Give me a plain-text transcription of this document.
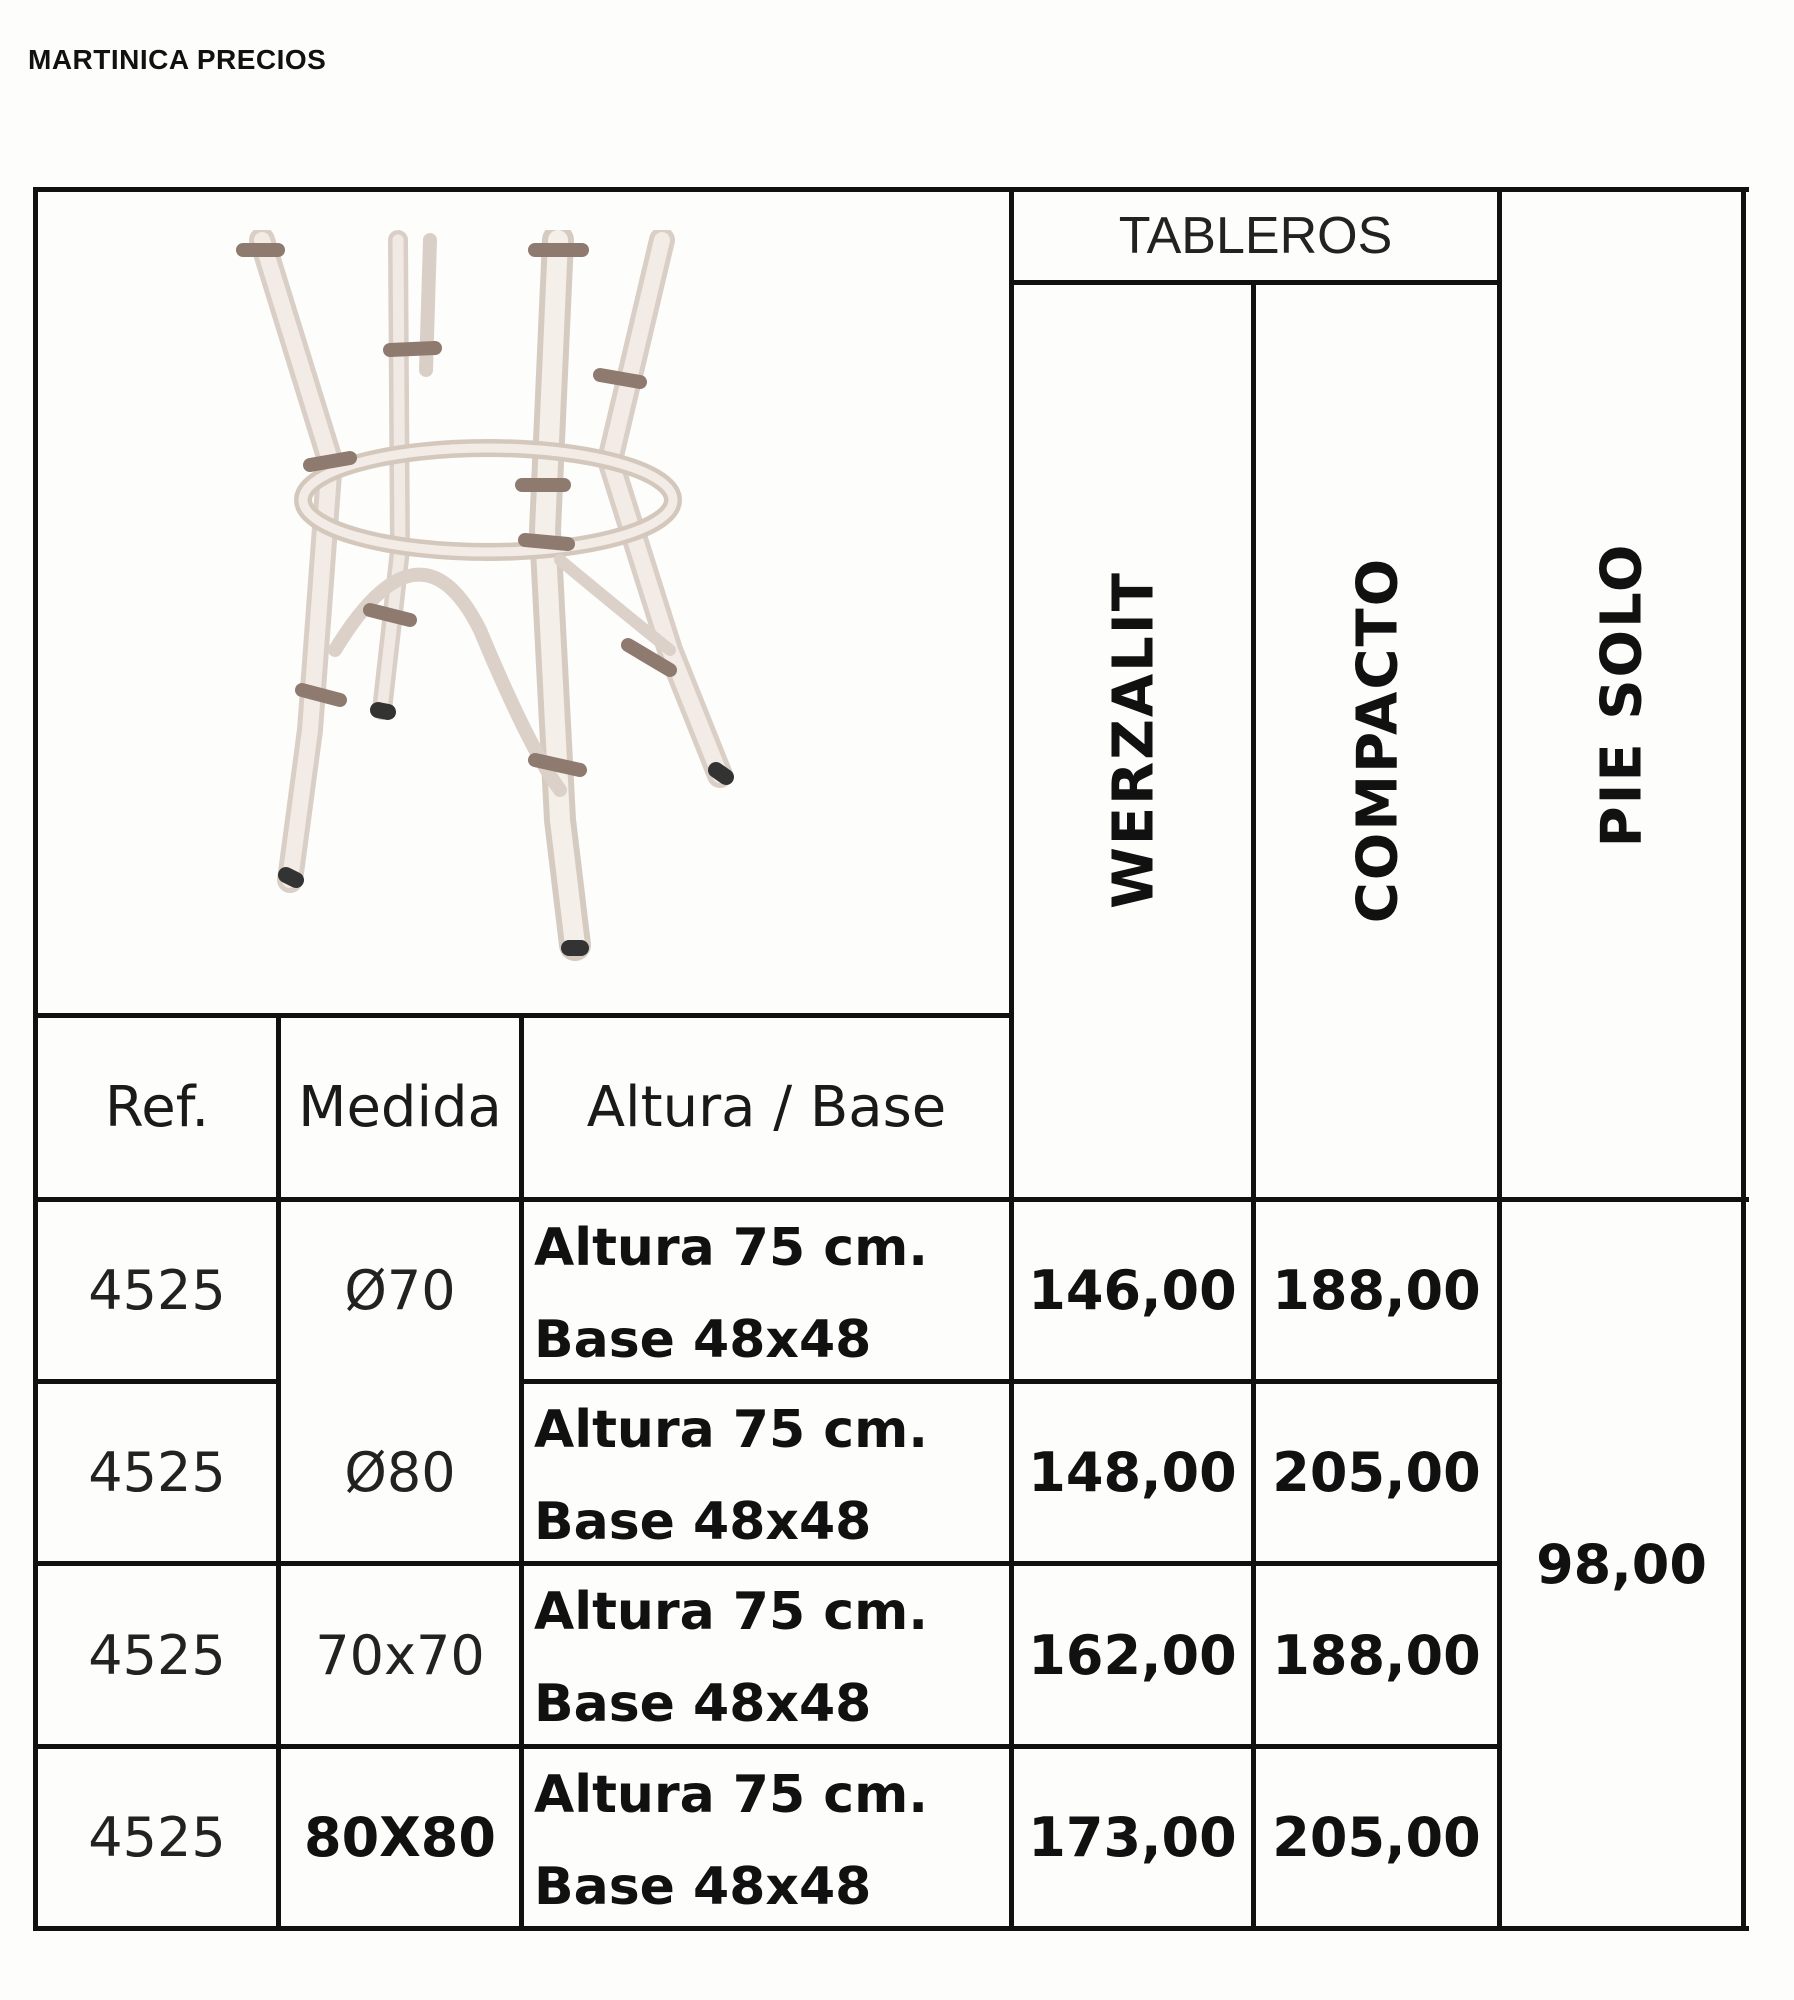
MARTINICA PRECIOS
TABLEROS
WERZALIT	COMPACTO	PIE SOLO
Ref.	Medida	Altura / Base
4525	Ø70
Altura 75 cm.
Base 48x48
146,00 188,00
4525	Ø80
Altura 75 cm.
Base 48x48
148,00 205,00
4525	70x70
Altura 75 cm.
Base 48x48
162,00 188,00
4525	80X80
Altura 75 cm.
Base 48x48
173,00 205,00
98,00
